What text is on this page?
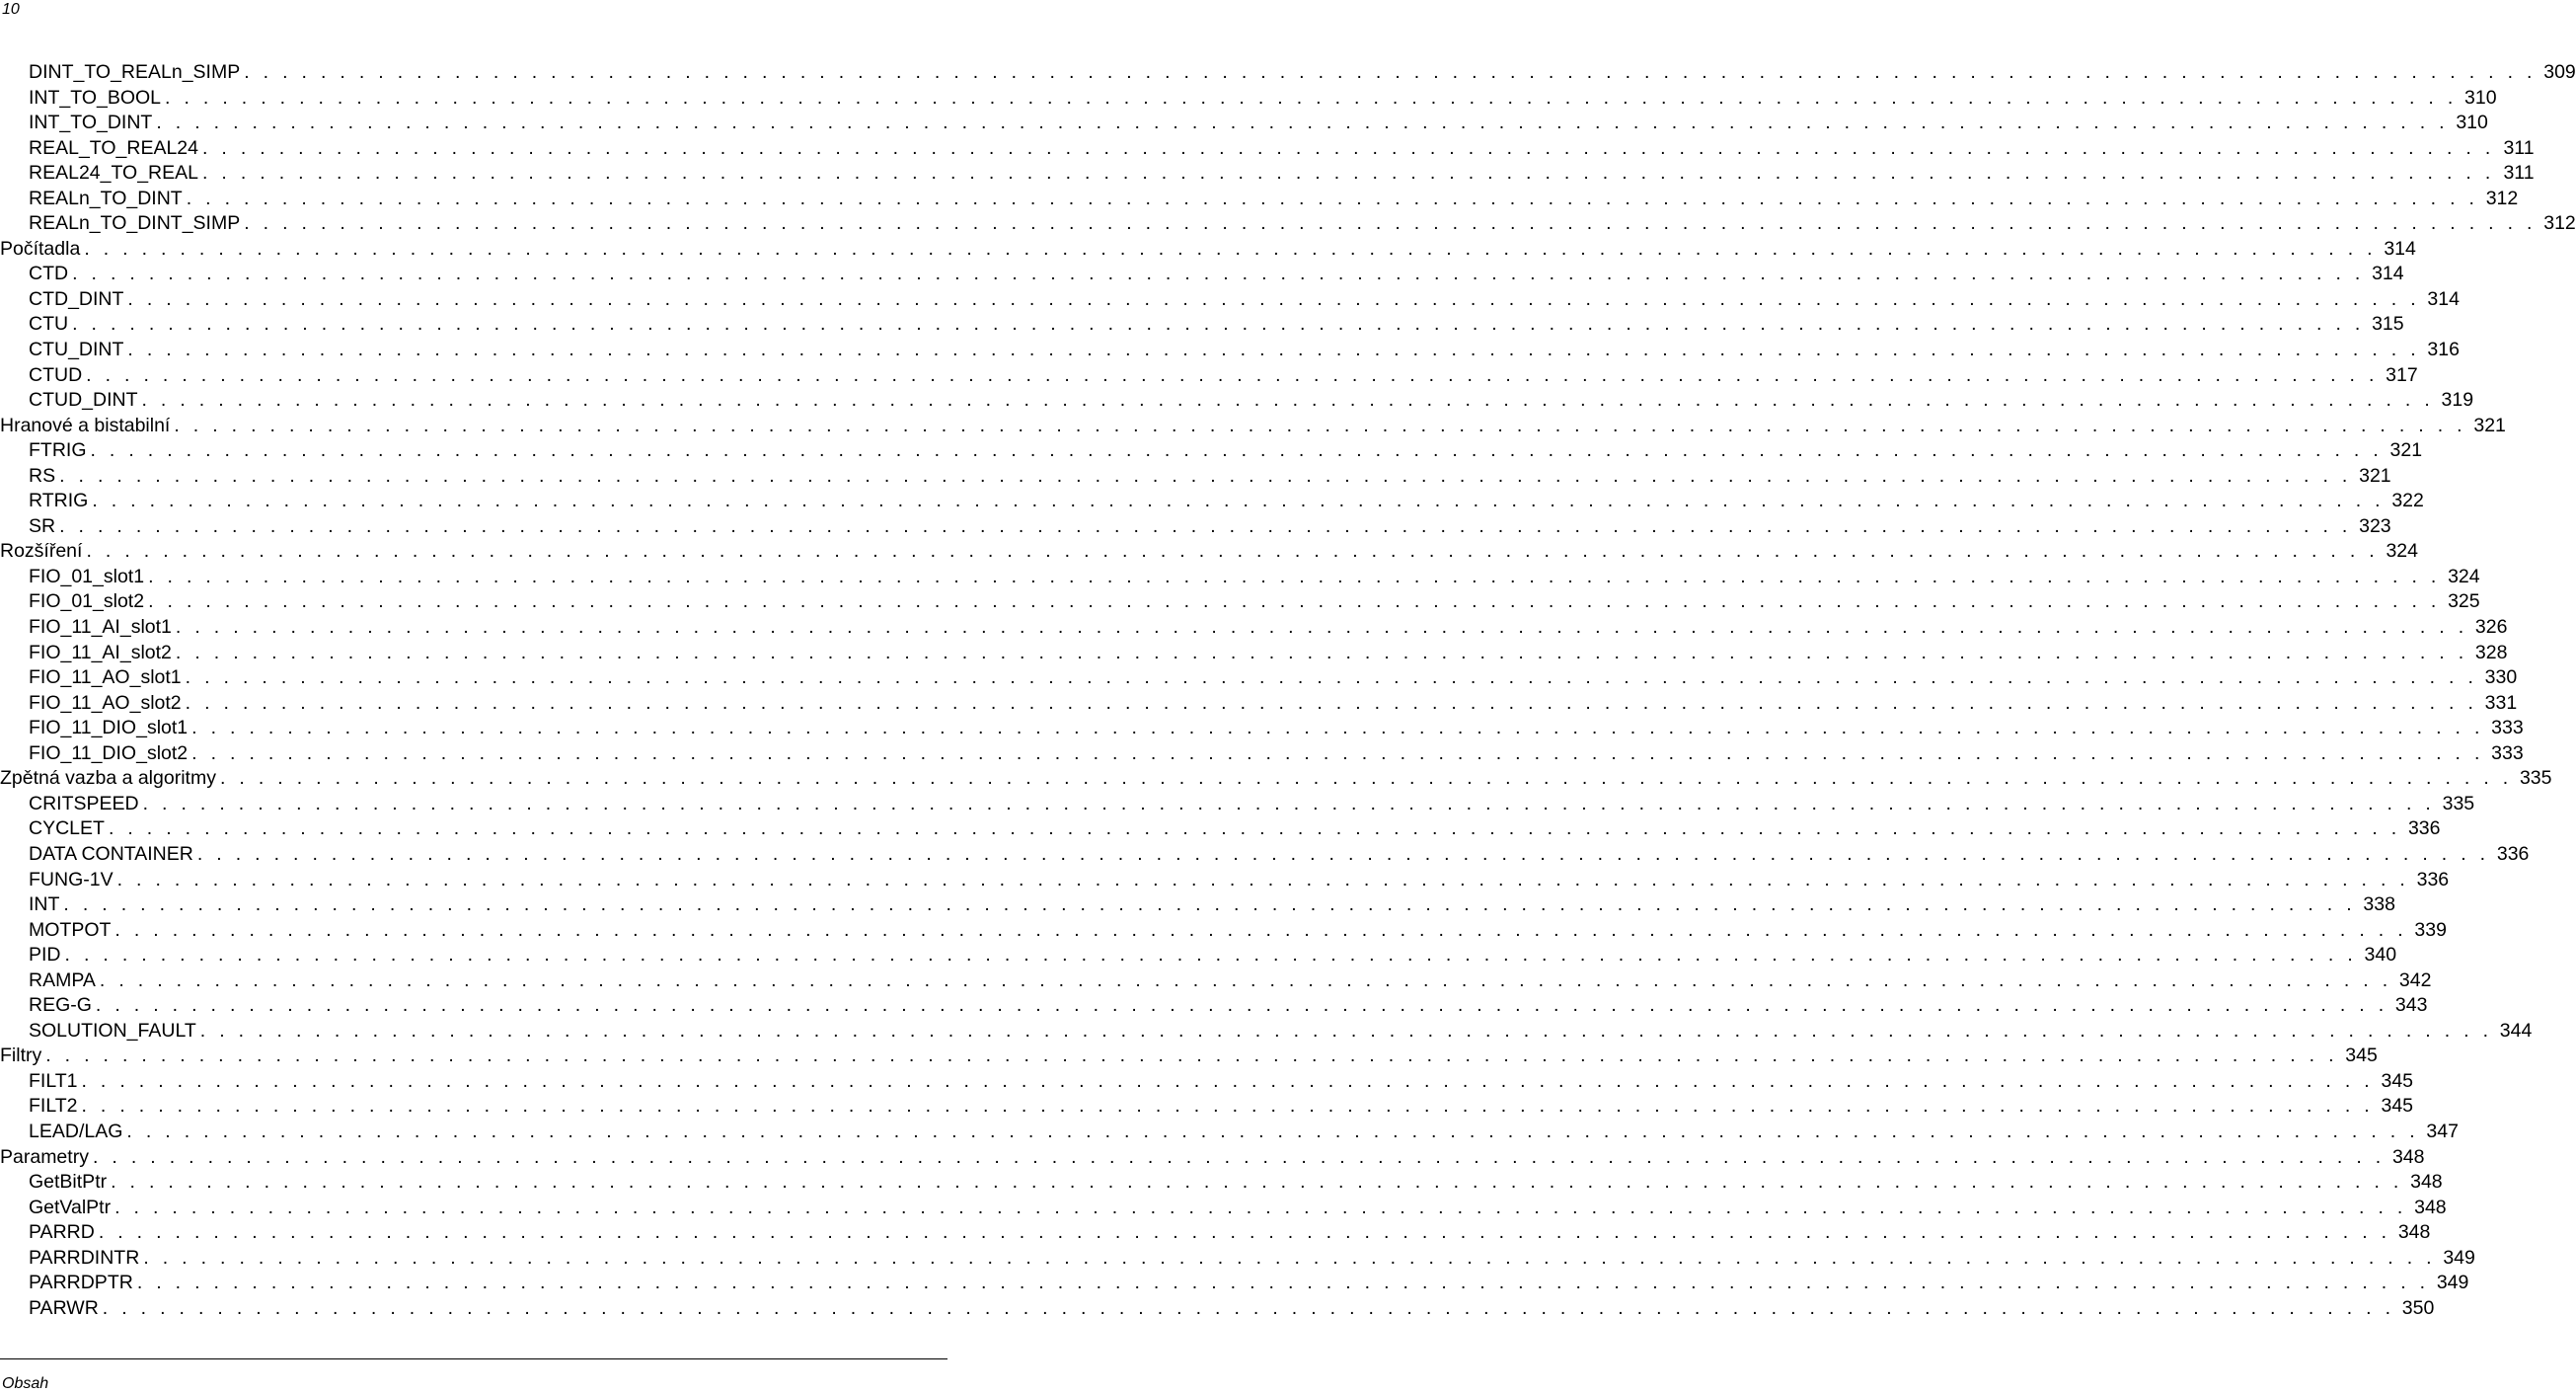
10
DINT_TO_REALn_SIMP . . . . . . . . . . . . . . . . . . . . . . . . . . . . . . . . . . . . . . . . . . . . . . . . . . . . . . . . . . . . . . . . . . . . . . . . . . . . . . . . . . . . . . . . . . . . . . . . . . . . . . . . . . . . . . . . . . . . . . . . 309
INT_TO_BOOL . . . . . . . . . . . . . . . . . . . . . . . . . . . . . . . . . . . . . . . . . . . . . . . . . . . . . . . . . . . . . . . . . . . . . . . . . . . . . . . . . . . . . . . . . . . . . . . . . . . . . . . . . . . . . . . . . . . . . . . . 310
INT_TO_DINT . . . . . . . . . . . . . . . . . . . . . . . . . . . . . . . . . . . . . . . . . . . . . . . . . . . . . . . . . . . . . . . . . . . . . . . . . . . . . . . . . . . . . . . . . . . . . . . . . . . . . . . . . . . . . . . . . . . . . . . . 310
REAL_TO_REAL24 . . . . . . . . . . . . . . . . . . . . . . . . . . . . . . . . . . . . . . . . . . . . . . . . . . . . . . . . . . . . . . . . . . . . . . . . . . . . . . . . . . . . . . . . . . . . . . . . . . . . . . . . . . . . . . . . . . . . . . . . 311
REAL24_TO_REAL . . . . . . . . . . . . . . . . . . . . . . . . . . . . . . . . . . . . . . . . . . . . . . . . . . . . . . . . . . . . . . . . . . . . . . . . . . . . . . . . . . . . . . . . . . . . . . . . . . . . . . . . . . . . . . . . . . . . . . . . 311
REALn_TO_DINT . . . . . . . . . . . . . . . . . . . . . . . . . . . . . . . . . . . . . . . . . . . . . . . . . . . . . . . . . . . . . . . . . . . . . . . . . . . . . . . . . . . . . . . . . . . . . . . . . . . . . . . . . . . . . . . . . . . . . . . . 312
REALn_TO_DINT_SIMP . . . . . . . . . . . . . . . . . . . . . . . . . . . . . . . . . . . . . . . . . . . . . . . . . . . . . . . . . . . . . . . . . . . . . . . . . . . . . . . . . . . . . . . . . . . . . . . . . . . . . . . . . . . . . . . . . . . . . . . . 312
Počítadla . . . . . . . . . . . . . . . . . . . . . . . . . . . . . . . . . . . . . . . . . . . . . . . . . . . . . . . . . . . . . . . . . . . . . . . . . . . . . . . . . . . . . . . . . . . . . . . . . . . . . . . . . . . . . . . . . . . . . . . . 314
CTD . . . . . . . . . . . . . . . . . . . . . . . . . . . . . . . . . . . . . . . . . . . . . . . . . . . . . . . . . . . . . . . . . . . . . . . . . . . . . . . . . . . . . . . . . . . . . . . . . . . . . . . . . . . . . . . . . . . . . . . . 314
CTD_DINT . . . . . . . . . . . . . . . . . . . . . . . . . . . . . . . . . . . . . . . . . . . . . . . . . . . . . . . . . . . . . . . . . . . . . . . . . . . . . . . . . . . . . . . . . . . . . . . . . . . . . . . . . . . . . . . . . . . . . . . . 314
CTU . . . . . . . . . . . . . . . . . . . . . . . . . . . . . . . . . . . . . . . . . . . . . . . . . . . . . . . . . . . . . . . . . . . . . . . . . . . . . . . . . . . . . . . . . . . . . . . . . . . . . . . . . . . . . . . . . . . . . . . . 315
CTU_DINT . . . . . . . . . . . . . . . . . . . . . . . . . . . . . . . . . . . . . . . . . . . . . . . . . . . . . . . . . . . . . . . . . . . . . . . . . . . . . . . . . . . . . . . . . . . . . . . . . . . . . . . . . . . . . . . . . . . . . . . . 316
CTUD . . . . . . . . . . . . . . . . . . . . . . . . . . . . . . . . . . . . . . . . . . . . . . . . . . . . . . . . . . . . . . . . . . . . . . . . . . . . . . . . . . . . . . . . . . . . . . . . . . . . . . . . . . . . . . . . . . . . . . . . 317
CTUD_DINT . . . . . . . . . . . . . . . . . . . . . . . . . . . . . . . . . . . . . . . . . . . . . . . . . . . . . . . . . . . . . . . . . . . . . . . . . . . . . . . . . . . . . . . . . . . . . . . . . . . . . . . . . . . . . . . . . . . . . . . . 319
Hranové a bistabilní . . . . . . . . . . . . . . . . . . . . . . . . . . . . . . . . . . . . . . . . . . . . . . . . . . . . . . . . . . . . . . . . . . . . . . . . . . . . . . . . . . . . . . . . . . . . . . . . . . . . . . . . . . . . . . . . . . . . . . . . 321
FTRIG . . . . . . . . . . . . . . . . . . . . . . . . . . . . . . . . . . . . . . . . . . . . . . . . . . . . . . . . . . . . . . . . . . . . . . . . . . . . . . . . . . . . . . . . . . . . . . . . . . . . . . . . . . . . . . . . . . . . . . . . 321
RS . . . . . . . . . . . . . . . . . . . . . . . . . . . . . . . . . . . . . . . . . . . . . . . . . . . . . . . . . . . . . . . . . . . . . . . . . . . . . . . . . . . . . . . . . . . . . . . . . . . . . . . . . . . . . . . . . . . . . . . . 321
RTRIG . . . . . . . . . . . . . . . . . . . . . . . . . . . . . . . . . . . . . . . . . . . . . . . . . . . . . . . . . . . . . . . . . . . . . . . . . . . . . . . . . . . . . . . . . . . . . . . . . . . . . . . . . . . . . . . . . . . . . . . . 322
SR . . . . . . . . . . . . . . . . . . . . . . . . . . . . . . . . . . . . . . . . . . . . . . . . . . . . . . . . . . . . . . . . . . . . . . . . . . . . . . . . . . . . . . . . . . . . . . . . . . . . . . . . . . . . . . . . . . . . . . . . 323
Rozšíření . . . . . . . . . . . . . . . . . . . . . . . . . . . . . . . . . . . . . . . . . . . . . . . . . . . . . . . . . . . . . . . . . . . . . . . . . . . . . . . . . . . . . . . . . . . . . . . . . . . . . . . . . . . . . . . . . . . . . . . . 324
FIO_01_slot1 . . . . . . . . . . . . . . . . . . . . . . . . . . . . . . . . . . . . . . . . . . . . . . . . . . . . . . . . . . . . . . . . . . . . . . . . . . . . . . . . . . . . . . . . . . . . . . . . . . . . . . . . . . . . . . . . . . . . . . . . 324
FIO_01_slot2 . . . . . . . . . . . . . . . . . . . . . . . . . . . . . . . . . . . . . . . . . . . . . . . . . . . . . . . . . . . . . . . . . . . . . . . . . . . . . . . . . . . . . . . . . . . . . . . . . . . . . . . . . . . . . . . . . . . . . . . . 325
FIO_11_AI_slot1 . . . . . . . . . . . . . . . . . . . . . . . . . . . . . . . . . . . . . . . . . . . . . . . . . . . . . . . . . . . . . . . . . . . . . . . . . . . . . . . . . . . . . . . . . . . . . . . . . . . . . . . . . . . . . . . . . . . . . . . . 326
FIO_11_AI_slot2 . . . . . . . . . . . . . . . . . . . . . . . . . . . . . . . . . . . . . . . . . . . . . . . . . . . . . . . . . . . . . . . . . . . . . . . . . . . . . . . . . . . . . . . . . . . . . . . . . . . . . . . . . . . . . . . . . . . . . . . . 328
FIO_11_AO_slot1 . . . . . . . . . . . . . . . . . . . . . . . . . . . . . . . . . . . . . . . . . . . . . . . . . . . . . . . . . . . . . . . . . . . . . . . . . . . . . . . . . . . . . . . . . . . . . . . . . . . . . . . . . . . . . . . . . . . . . . . . 330
FIO_11_AO_slot2 . . . . . . . . . . . . . . . . . . . . . . . . . . . . . . . . . . . . . . . . . . . . . . . . . . . . . . . . . . . . . . . . . . . . . . . . . . . . . . . . . . . . . . . . . . . . . . . . . . . . . . . . . . . . . . . . . . . . . . . . 331
FIO_11_DIO_slot1 . . . . . . . . . . . . . . . . . . . . . . . . . . . . . . . . . . . . . . . . . . . . . . . . . . . . . . . . . . . . . . . . . . . . . . . . . . . . . . . . . . . . . . . . . . . . . . . . . . . . . . . . . . . . . . . . . . . . . . . . 333
FIO_11_DIO_slot2 . . . . . . . . . . . . . . . . . . . . . . . . . . . . . . . . . . . . . . . . . . . . . . . . . . . . . . . . . . . . . . . . . . . . . . . . . . . . . . . . . . . . . . . . . . . . . . . . . . . . . . . . . . . . . . . . . . . . . . . . 333
Zpětná vazba a algoritmy . . . . . . . . . . . . . . . . . . . . . . . . . . . . . . . . . . . . . . . . . . . . . . . . . . . . . . . . . . . . . . . . . . . . . . . . . . . . . . . . . . . . . . . . . . . . . . . . . . . . . . . . . . . . . . . . . . . . . . . . 335
CRITSPEED . . . . . . . . . . . . . . . . . . . . . . . . . . . . . . . . . . . . . . . . . . . . . . . . . . . . . . . . . . . . . . . . . . . . . . . . . . . . . . . . . . . . . . . . . . . . . . . . . . . . . . . . . . . . . . . . . . . . . . . . 335
CYCLET . . . . . . . . . . . . . . . . . . . . . . . . . . . . . . . . . . . . . . . . . . . . . . . . . . . . . . . . . . . . . . . . . . . . . . . . . . . . . . . . . . . . . . . . . . . . . . . . . . . . . . . . . . . . . . . . . . . . . . . . 336
DATA CONTAINER . . . . . . . . . . . . . . . . . . . . . . . . . . . . . . . . . . . . . . . . . . . . . . . . . . . . . . . . . . . . . . . . . . . . . . . . . . . . . . . . . . . . . . . . . . . . . . . . . . . . . . . . . . . . . . . . . . . . . . . . 336
FUNG-1V . . . . . . . . . . . . . . . . . . . . . . . . . . . . . . . . . . . . . . . . . . . . . . . . . . . . . . . . . . . . . . . . . . . . . . . . . . . . . . . . . . . . . . . . . . . . . . . . . . . . . . . . . . . . . . . . . . . . . . . . 336
INT . . . . . . . . . . . . . . . . . . . . . . . . . . . . . . . . . . . . . . . . . . . . . . . . . . . . . . . . . . . . . . . . . . . . . . . . . . . . . . . . . . . . . . . . . . . . . . . . . . . . . . . . . . . . . . . . . . . . . . . . 338
MOTPOT . . . . . . . . . . . . . . . . . . . . . . . . . . . . . . . . . . . . . . . . . . . . . . . . . . . . . . . . . . . . . . . . . . . . . . . . . . . . . . . . . . . . . . . . . . . . . . . . . . . . . . . . . . . . . . . . . . . . . . . . 339
PID . . . . . . . . . . . . . . . . . . . . . . . . . . . . . . . . . . . . . . . . . . . . . . . . . . . . . . . . . . . . . . . . . . . . . . . . . . . . . . . . . . . . . . . . . . . . . . . . . . . . . . . . . . . . . . . . . . . . . . . . 340
RAMPA . . . . . . . . . . . . . . . . . . . . . . . . . . . . . . . . . . . . . . . . . . . . . . . . . . . . . . . . . . . . . . . . . . . . . . . . . . . . . . . . . . . . . . . . . . . . . . . . . . . . . . . . . . . . . . . . . . . . . . . . 342
REG-G . . . . . . . . . . . . . . . . . . . . . . . . . . . . . . . . . . . . . . . . . . . . . . . . . . . . . . . . . . . . . . . . . . . . . . . . . . . . . . . . . . . . . . . . . . . . . . . . . . . . . . . . . . . . . . . . . . . . . . . . 343
SOLUTION_FAULT . . . . . . . . . . . . . . . . . . . . . . . . . . . . . . . . . . . . . . . . . . . . . . . . . . . . . . . . . . . . . . . . . . . . . . . . . . . . . . . . . . . . . . . . . . . . . . . . . . . . . . . . . . . . . . . . . . . . . . . . 344
Filtry . . . . . . . . . . . . . . . . . . . . . . . . . . . . . . . . . . . . . . . . . . . . . . . . . . . . . . . . . . . . . . . . . . . . . . . . . . . . . . . . . . . . . . . . . . . . . . . . . . . . . . . . . . . . . . . . . . . . . . . . 345
FILT1 . . . . . . . . . . . . . . . . . . . . . . . . . . . . . . . . . . . . . . . . . . . . . . . . . . . . . . . . . . . . . . . . . . . . . . . . . . . . . . . . . . . . . . . . . . . . . . . . . . . . . . . . . . . . . . . . . . . . . . . . 345
FILT2 . . . . . . . . . . . . . . . . . . . . . . . . . . . . . . . . . . . . . . . . . . . . . . . . . . . . . . . . . . . . . . . . . . . . . . . . . . . . . . . . . . . . . . . . . . . . . . . . . . . . . . . . . . . . . . . . . . . . . . . . 345
LEAD/LAG . . . . . . . . . . . . . . . . . . . . . . . . . . . . . . . . . . . . . . . . . . . . . . . . . . . . . . . . . . . . . . . . . . . . . . . . . . . . . . . . . . . . . . . . . . . . . . . . . . . . . . . . . . . . . . . . . . . . . . . . 347
Parametry . . . . . . . . . . . . . . . . . . . . . . . . . . . . . . . . . . . . . . . . . . . . . . . . . . . . . . . . . . . . . . . . . . . . . . . . . . . . . . . . . . . . . . . . . . . . . . . . . . . . . . . . . . . . . . . . . . . . . . . . 348
GetBitPtr . . . . . . . . . . . . . . . . . . . . . . . . . . . . . . . . . . . . . . . . . . . . . . . . . . . . . . . . . . . . . . . . . . . . . . . . . . . . . . . . . . . . . . . . . . . . . . . . . . . . . . . . . . . . . . . . . . . . . . . . 348
GetValPtr . . . . . . . . . . . . . . . . . . . . . . . . . . . . . . . . . . . . . . . . . . . . . . . . . . . . . . . . . . . . . . . . . . . . . . . . . . . . . . . . . . . . . . . . . . . . . . . . . . . . . . . . . . . . . . . . . . . . . . . . 348
PARRD . . . . . . . . . . . . . . . . . . . . . . . . . . . . . . . . . . . . . . . . . . . . . . . . . . . . . . . . . . . . . . . . . . . . . . . . . . . . . . . . . . . . . . . . . . . . . . . . . . . . . . . . . . . . . . . . . . . . . . . . 348
PARRDINTR . . . . . . . . . . . . . . . . . . . . . . . . . . . . . . . . . . . . . . . . . . . . . . . . . . . . . . . . . . . . . . . . . . . . . . . . . . . . . . . . . . . . . . . . . . . . . . . . . . . . . . . . . . . . . . . . . . . . . . . . 349
PARRDPTR . . . . . . . . . . . . . . . . . . . . . . . . . . . . . . . . . . . . . . . . . . . . . . . . . . . . . . . . . . . . . . . . . . . . . . . . . . . . . . . . . . . . . . . . . . . . . . . . . . . . . . . . . . . . . . . . . . . . . . . . 349
PARWR . . . . . . . . . . . . . . . . . . . . . . . . . . . . . . . . . . . . . . . . . . . . . . . . . . . . . . . . . . . . . . . . . . . . . . . . . . . . . . . . . . . . . . . . . . . . . . . . . . . . . . . . . . . . . . . . . . . . . . . . 350
Obsah
